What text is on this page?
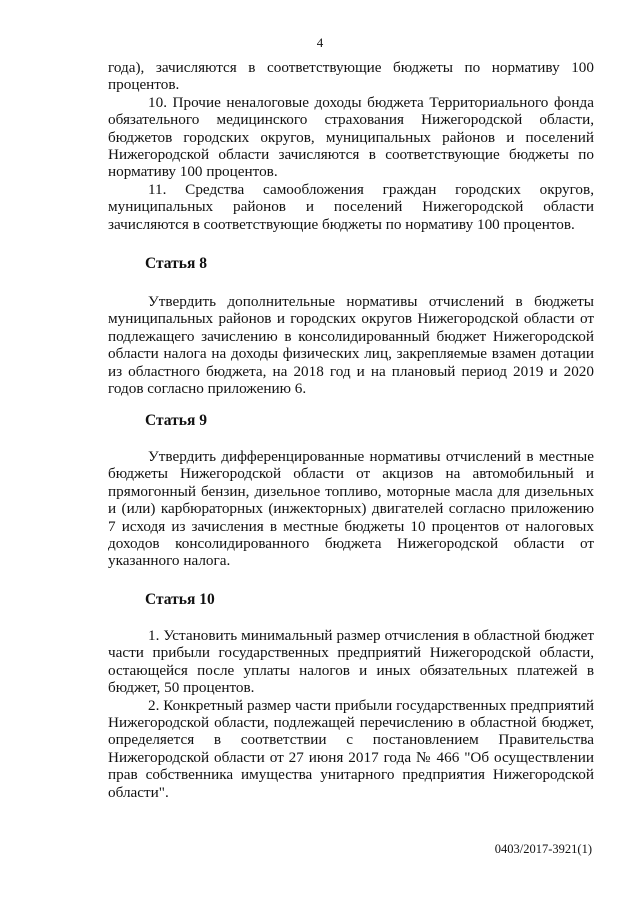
4

года), зачисляются в соответствующие бюджеты по нормативу 100 процентов.

10. Прочие неналоговые доходы бюджета Территориального фонда обязательного медицинского страхования Нижегородской области, бюджетов городских округов, муниципальных районов и поселений Нижегородской области зачисляются в соответствующие бюджеты по нормативу 100 процентов.

11. Средства самообложения граждан городских округов, муниципальных районов и поселений Нижегородской области зачисляются в соответствующие бюджеты по нормативу 100 процентов.

Статья 8

Утвердить дополнительные нормативы отчислений в бюджеты муниципальных районов и городских округов Нижегородской области от подлежащего зачислению в консолидированный бюджет Нижегородской области налога на доходы физических лиц, закрепляемые взамен дотации из областного бюджета, на 2018 год и на плановый период 2019 и 2020 годов согласно приложению 6.

Статья 9

Утвердить дифференцированные нормативы отчислений в местные бюджеты Нижегородской области от акцизов на автомобильный и прямогонный бензин, дизельное топливо, моторные масла для дизельных и (или) карбюраторных (инжекторных) двигателей согласно приложению 7 исходя из зачисления в местные бюджеты 10 процентов от налоговых доходов консолидированного бюджета Нижегородской области от указанного налога.

Статья 10

1. Установить минимальный размер отчисления в областной бюджет части прибыли государственных предприятий Нижегородской области, остающейся после уплаты налогов и иных обязательных платежей в бюджет, 50 процентов.

2. Конкретный размер части прибыли государственных предприятий Нижегородской области, подлежащей перечислению в областной бюджет, определяется в соответствии с постановлением Правительства Нижегородской области от 27 июня 2017 года № 466 "Об осуществлении прав собственника имущества унитарного предприятия Нижегородской области".

0403/2017-3921(1)
